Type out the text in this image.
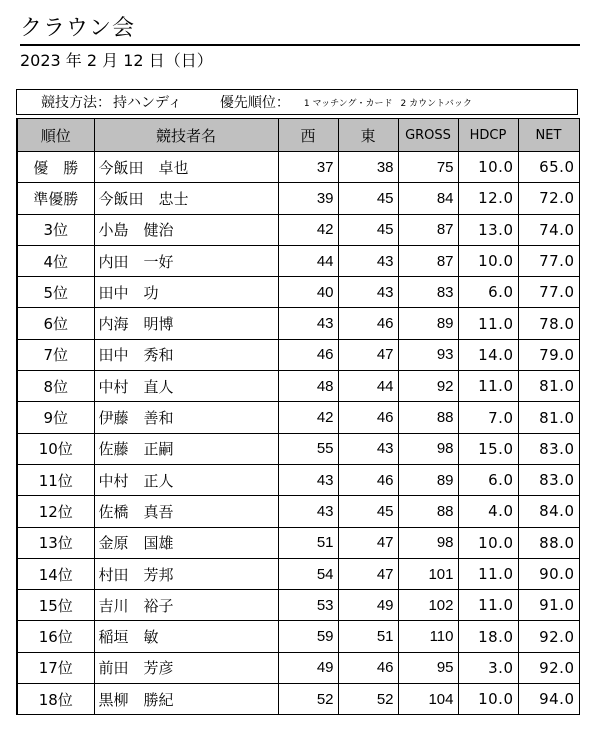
クラウン会
2023 年 2 月 12 日（日）
競技方法： 持ハンディ	優先順位： 1 マッチング・カード 2 カウントバック
順位	競技者名	西	東	GROSS	HDCP	NET
優　勝	今飯田　卓也	37	38	75	10.0	65.0
準優勝	今飯田　忠士	39	45	84	12.0	72.0
3位	小島　健治	42	45	87	13.0	74.0
4位	内田　一好	44	43	87	10.0	77.0
5位	田中　功	40	43	83	6.0	77.0
6位	内海　明博	43	46	89	11.0	78.0
7位	田中　秀和	46	47	93	14.0	79.0
8位	中村　直人	48	44	92	11.0	81.0
9位	伊藤　善和	42	46	88	7.0	81.0
10位	佐藤　正嗣	55	43	98	15.0	83.0
11位	中村　正人	43	46	89	6.0	83.0
12位	佐橋　真吾	43	45	88	4.0	84.0
13位	金原　国雄	51	47	98	10.0	88.0
14位	村田　芳邦	54	47	101	11.0	90.0
15位	吉川　裕子	53	49	102	11.0	91.0
16位	稲垣　敏	59	51	110	18.0	92.0
17位	前田　芳彦	49	46	95	3.0	92.0
18位	黒柳　勝紀	52	52	104	10.0	94.0
